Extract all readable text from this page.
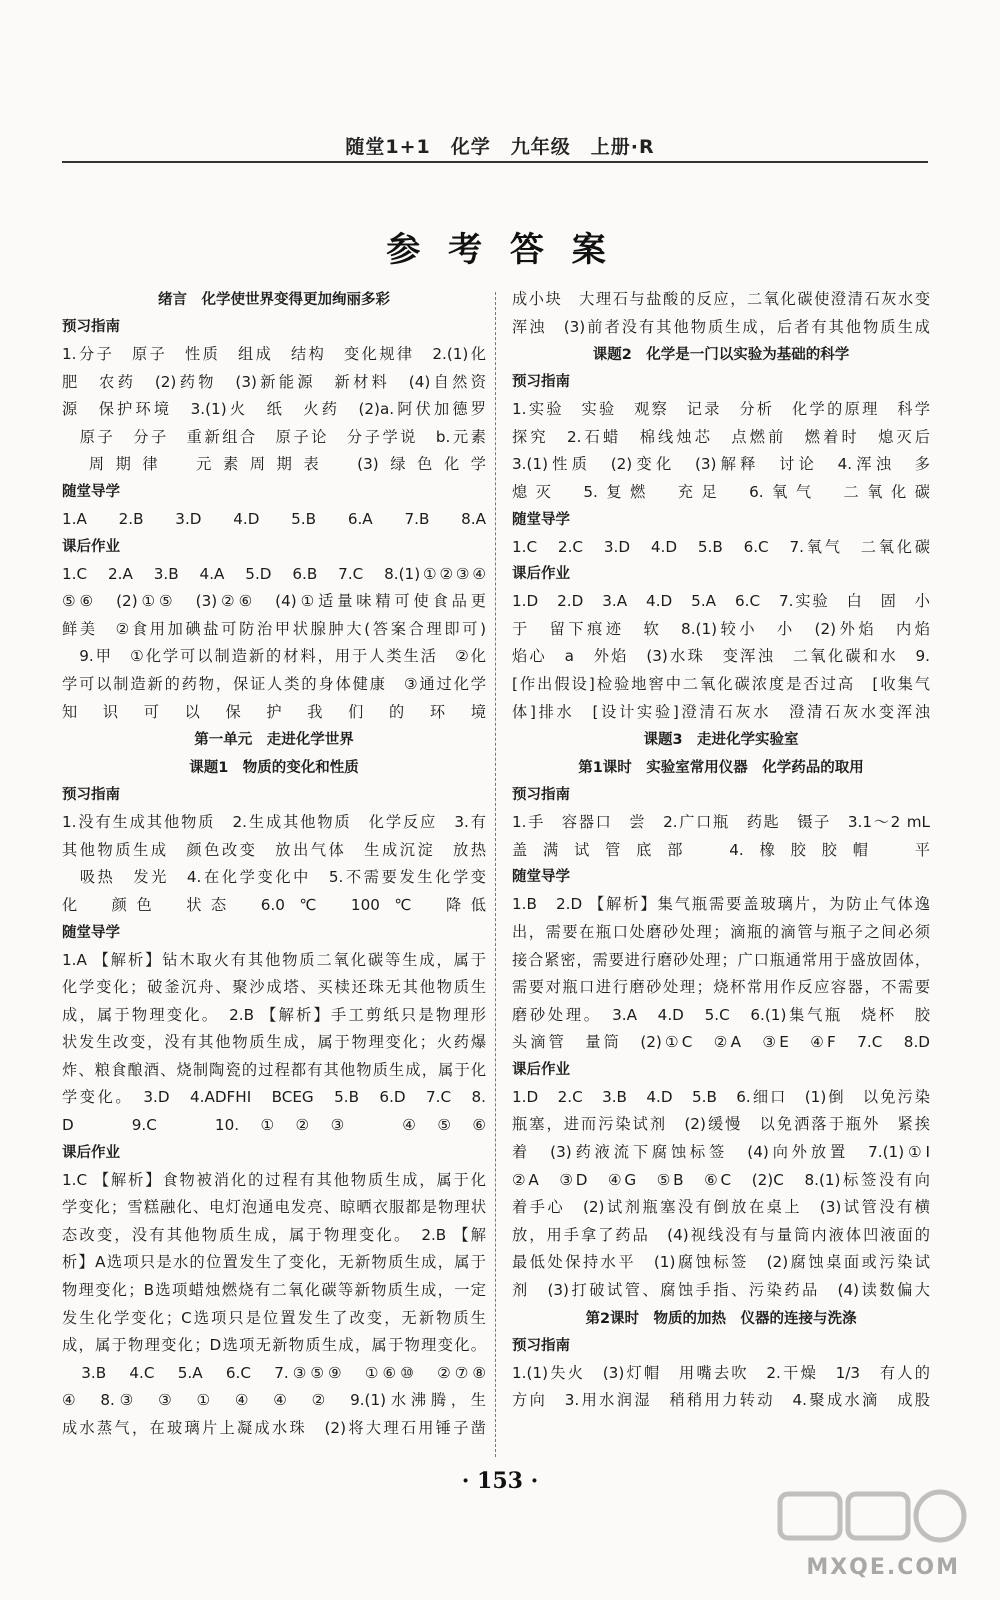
随堂1+1　化学　九年级　上册·R
参 考 答 案
绪言　化学使世界变得更加绚丽多彩
预习指南
1.分子　原子　性质　组成　结构　变化规律　2.(1)化
肥　农药　(2)药物　(3)新能源　新材料　(4)自然资
源　保护环境　3.(1)火　纸　火药　(2)a.阿伏加德罗
　原子　分子　重新组合　原子论　分子学说　b.元素
　周期律　元素周期表　(3)绿色化学
随堂导学
1.A　2.B　3.D　4.D　5.B　6.A　7.B　8.A
课后作业
1.C　2.A　3.B　4.A　5.D　6.B　7.C　8.(1)①②③④
⑤⑥　(2)①⑤　(3)②⑥　(4)①适量味精可使食品更
鲜美　②食用加碘盐可防治甲状腺肿大(答案合理即可)
　9.甲　①化学可以制造新的材料，用于人类生活　②化
学可以制造新的药物，保证人类的身体健康　③通过化学
知识可以保护我们的环境
第一单元　走进化学世界
课题1　物质的变化和性质
预习指南
1.没有生成其他物质　2.生成其他物质　化学反应　3.有
其他物质生成　颜色改变　放出气体　生成沉淀　放热
　吸热　发光　4.在化学变化中　5.不需要发生化学变
化　颜色　状态　6.0 ℃　100 ℃　降低
随堂导学
1.A 【解析】钻木取火有其他物质二氧化碳等生成，属于
化学变化；破釜沉舟、聚沙成塔、买椟还珠无其他物质生
成，属于物理变化。　2.B 【解析】手工剪纸只是物理形
状发生改变，没有其他物质生成，属于物理变化；火药爆
炸、粮食酿酒、烧制陶瓷的过程都有其他物质生成，属于化
学变化。　3.D　4.ADFHI　BCEG　5.B　6.D　7.C　8.
D　9.C　10.①②③　④⑤⑥
课后作业
1.C 【解析】食物被消化的过程有其他物质生成，属于化
学变化；雪糕融化、电灯泡通电发亮、晾晒衣服都是物理状
态改变，没有其他物质生成，属于物理变化。　2.B 【解
析】A选项只是水的位置发生了变化，无新物质生成，属于
物理变化；B选项蜡烛燃烧有二氧化碳等新物质生成，一定
发生化学变化；C选项只是位置发生了改变，无新物质生
成，属于物理变化；D选项无新物质生成，属于物理变化。
　3.B　4.C　5.A　6.C　7.③⑤⑨　①⑥⑩　②⑦⑧
④　8.③　③　①　④　④　②　9.(1)水沸腾，生
成水蒸气，在玻璃片上凝成水珠　(2)将大理石用锤子凿
成小块　大理石与盐酸的反应，二氧化碳使澄清石灰水变
浑浊　(3)前者没有其他物质生成，后者有其他物质生成
课题2　化学是一门以实验为基础的科学
预习指南
1.实验　实验　观察　记录　分析　化学的原理　科学
探究　2.石蜡　棉线烛芯　点燃前　燃着时　熄灭后
3.(1)性质　(2)变化　(3)解释　讨论　4.浑浊　多
熄灭　5.复燃　充足　6.氧气　二氧化碳
随堂导学
1.C　2.C　3.D　4.D　5.B　6.C　7.氧气　二氧化碳
课后作业
1.D　2.D　3.A　4.D　5.A　6.C　7.实验　白　固　小
于　留下痕迹　软　8.(1)较小　小　(2)外焰　内焰
焰心　a　外焰　(3)水珠　变浑浊　二氧化碳和水　9.
[作出假设]检验地窖中二氧化碳浓度是否过高　[收集气
体]排水　[设计实验]澄清石灰水　澄清石灰水变浑浊
课题3　走进化学实验室
第1课时　实验室常用仪器　化学药品的取用
预习指南
1.手　容器口　尝　2.广口瓶　药匙　镊子　3.1～2 mL
盖满试管底部　4.橡胶胶帽　平
随堂导学
1.B　2.D 【解析】集气瓶需要盖玻璃片，为防止气体逸
出，需要在瓶口处磨砂处理；滴瓶的滴管与瓶子之间必须
接合紧密，需要进行磨砂处理；广口瓶通常用于盛放固体，
需要对瓶口进行磨砂处理；烧杯常用作反应容器，不需要
磨砂处理。　3.A　4.D　5.C　6.(1)集气瓶　烧杯　胶
头滴管　量筒　(2)①C　②A　③E　④F　7.C　8.D
课后作业
1.D　2.C　3.B　4.D　5.B　6.细口　(1)倒　以免污染
瓶塞，进而污染试剂　(2)缓慢　以免洒落于瓶外　紧挨
着　(3)药液流下腐蚀标签　(4)向外放置　7.(1)①I
②A　③D　④G　⑤B　⑥C　(2)C　8.(1)标签没有向
着手心　(2)试剂瓶塞没有倒放在桌上　(3)试管没有横
放，用手拿了药品　(4)视线没有与量筒内液体凹液面的
最低处保持水平　(1)腐蚀标签　(2)腐蚀桌面或污染试
剂　(3)打破试管、腐蚀手指、污染药品　(4)读数偏大
第2课时　物质的加热　仪器的连接与洗涤
预习指南
1.(1)失火　(3)灯帽　用嘴去吹　2.干燥　1/3　有人的
方向　3.用水润湿　稍稍用力转动　4.聚成水滴　成股
· 153 ·
MXQE.COM
